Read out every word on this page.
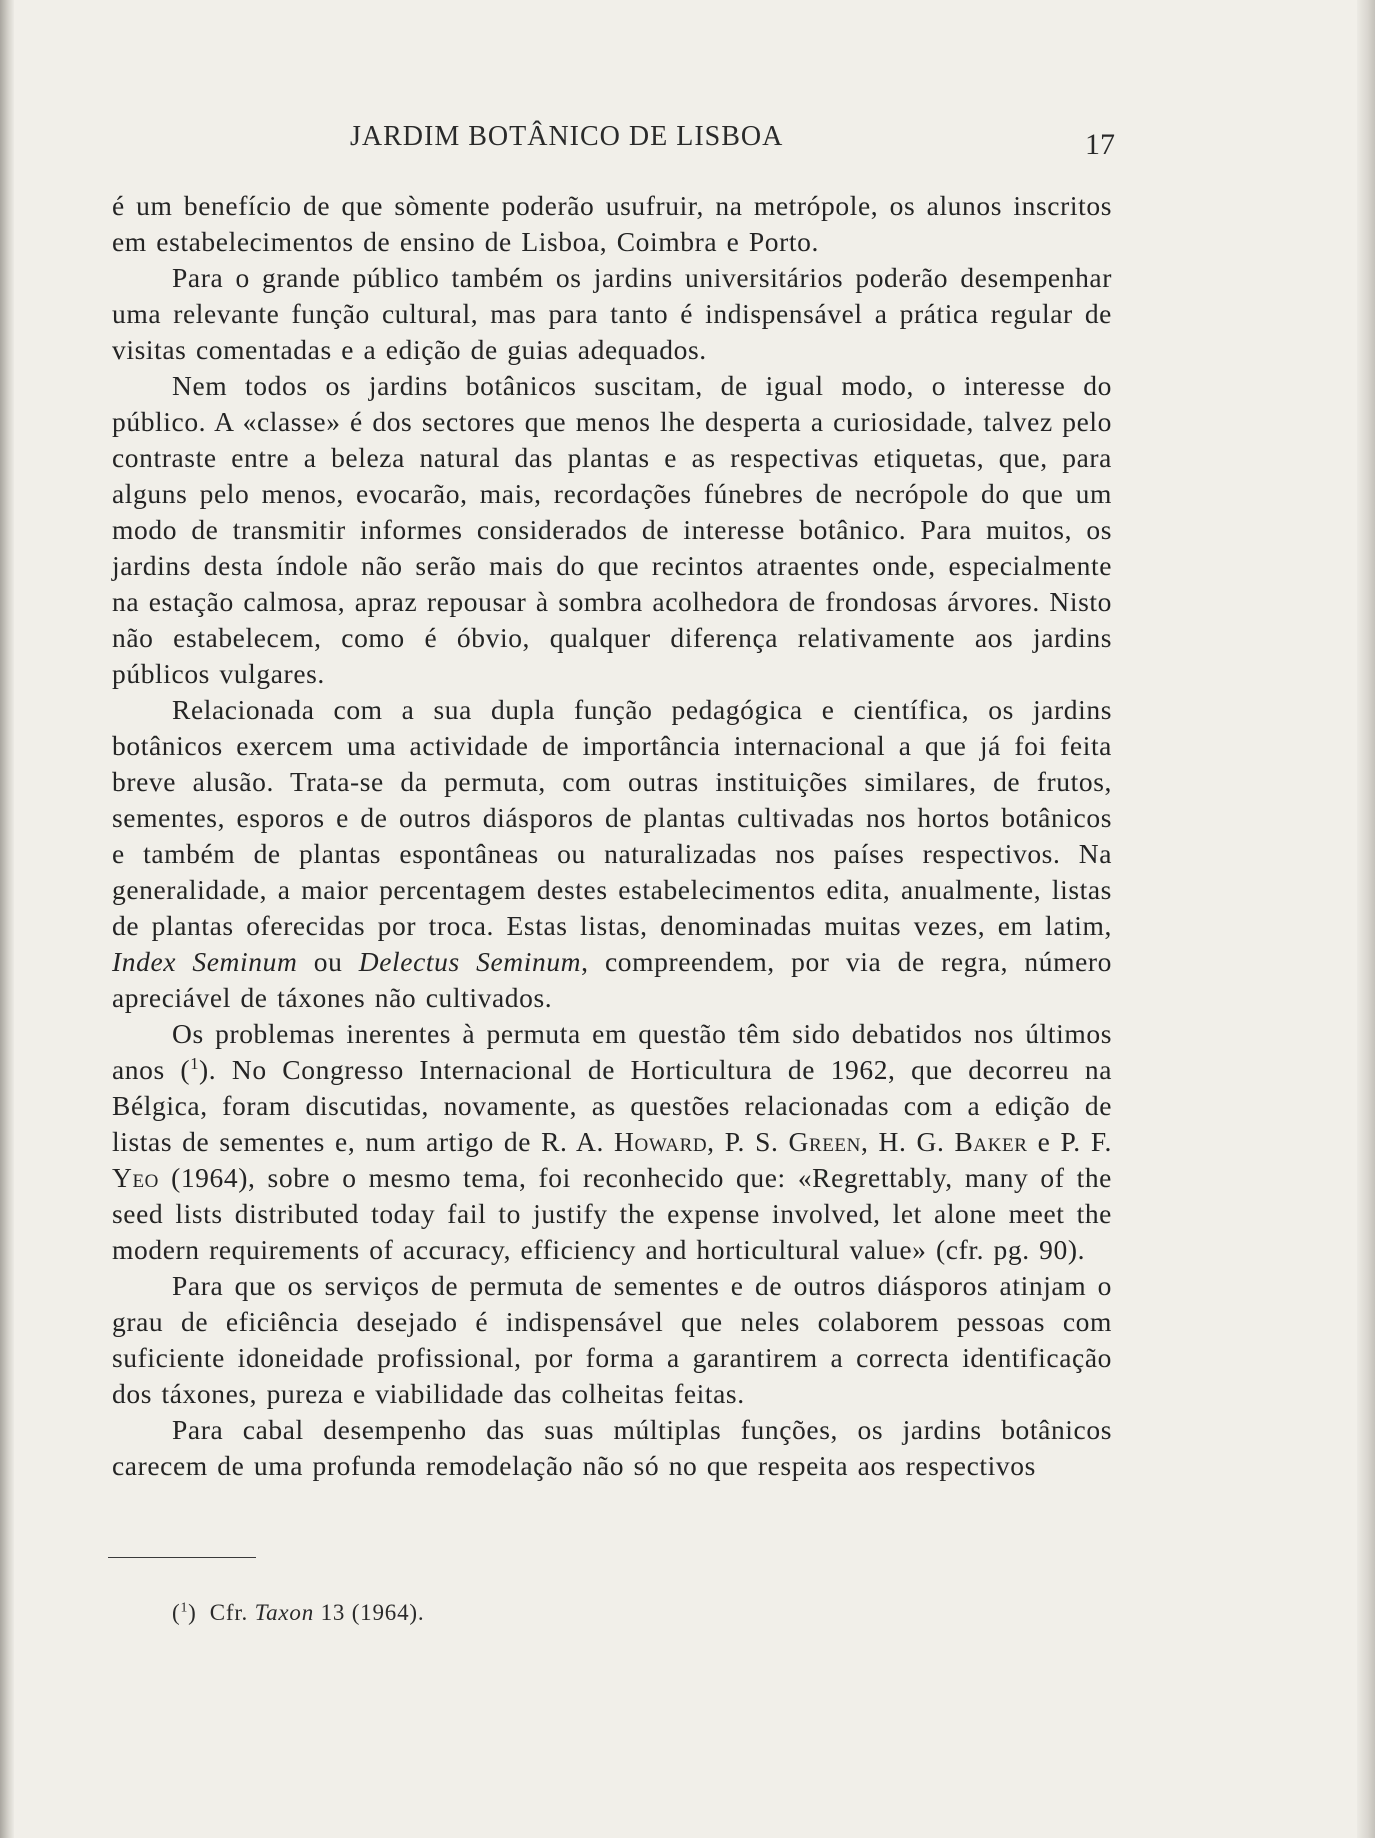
JARDIM BOTÂNICO DE LISBOA	17

é um benefício de que sòmente poderão usufruir, na metrópole, os alunos inscritos em estabelecimentos de ensino de Lisboa, Coimbra e Porto.

Para o grande público também os jardins universitários poderão desempenhar uma relevante função cultural, mas para tanto é indispensável a prática regular de visitas comentadas e a edição de guias adequados.

Nem todos os jardins botânicos suscitam, de igual modo, o interesse do público. A «classe» é dos sectores que menos lhe desperta a curiosidade, talvez pelo contraste entre a beleza natural das plantas e as respectivas etiquetas, que, para alguns pelo menos, evocarão, mais, recordações fúnebres de necrópole do que um modo de transmitir informes considerados de interesse botânico. Para muitos, os jardins desta índole não serão mais do que recintos atraentes onde, especialmente na estação calmosa, apraz repousar à sombra acolhedora de frondosas árvores. Nisto não estabelecem, como é óbvio, qualquer diferença relativamente aos jardins públicos vulgares.

Relacionada com a sua dupla função pedagógica e científica, os jardins botânicos exercem uma actividade de importância internacional a que já foi feita breve alusão. Trata-se da permuta, com outras instituições similares, de frutos, sementes, esporos e de outros diásporos de plantas cultivadas nos hortos botânicos e também de plantas espontâneas ou naturalizadas nos países respectivos. Na generalidade, a maior percentagem destes estabelecimentos edita, anualmente, listas de plantas oferecidas por troca. Estas listas, denominadas muitas vezes, em latim, Index Seminum ou Delectus Seminum, compreendem, por via de regra, número apreciável de táxones não cultivados.

Os problemas inerentes à permuta em questão têm sido debatidos nos últimos anos ($^1$). No Congresso Internacional de Horticultura de 1962, que decorreu na Bélgica, foram discutidas, novamente, as questões relacionadas com a edição de listas de sementes e, num artigo de R. A. Howard, P. S. Green, H. G. Baker e P. F. Yeo (1964), sobre o mesmo tema, foi reconhecido que: «Regrettably, many of the seed lists distributed today fail to justify the expense involved, let alone meet the modern requirements of accuracy, efficiency and horticultural value» (cfr. pg. 90).

Para que os serviços de permuta de sementes e de outros diásporos atinjam o grau de eficiência desejado é indispensável que neles colaborem pessoas com suficiente idoneidade profissional, por forma a garantirem a correcta identificação dos táxones, pureza e viabilidade das colheitas feitas.

Para cabal desempenho das suas múltiplas funções, os jardins botânicos carecem de uma profunda remodelação não só no que respeita aos respectivos

($^1$)  Cfr. Taxon 13 (1964).
